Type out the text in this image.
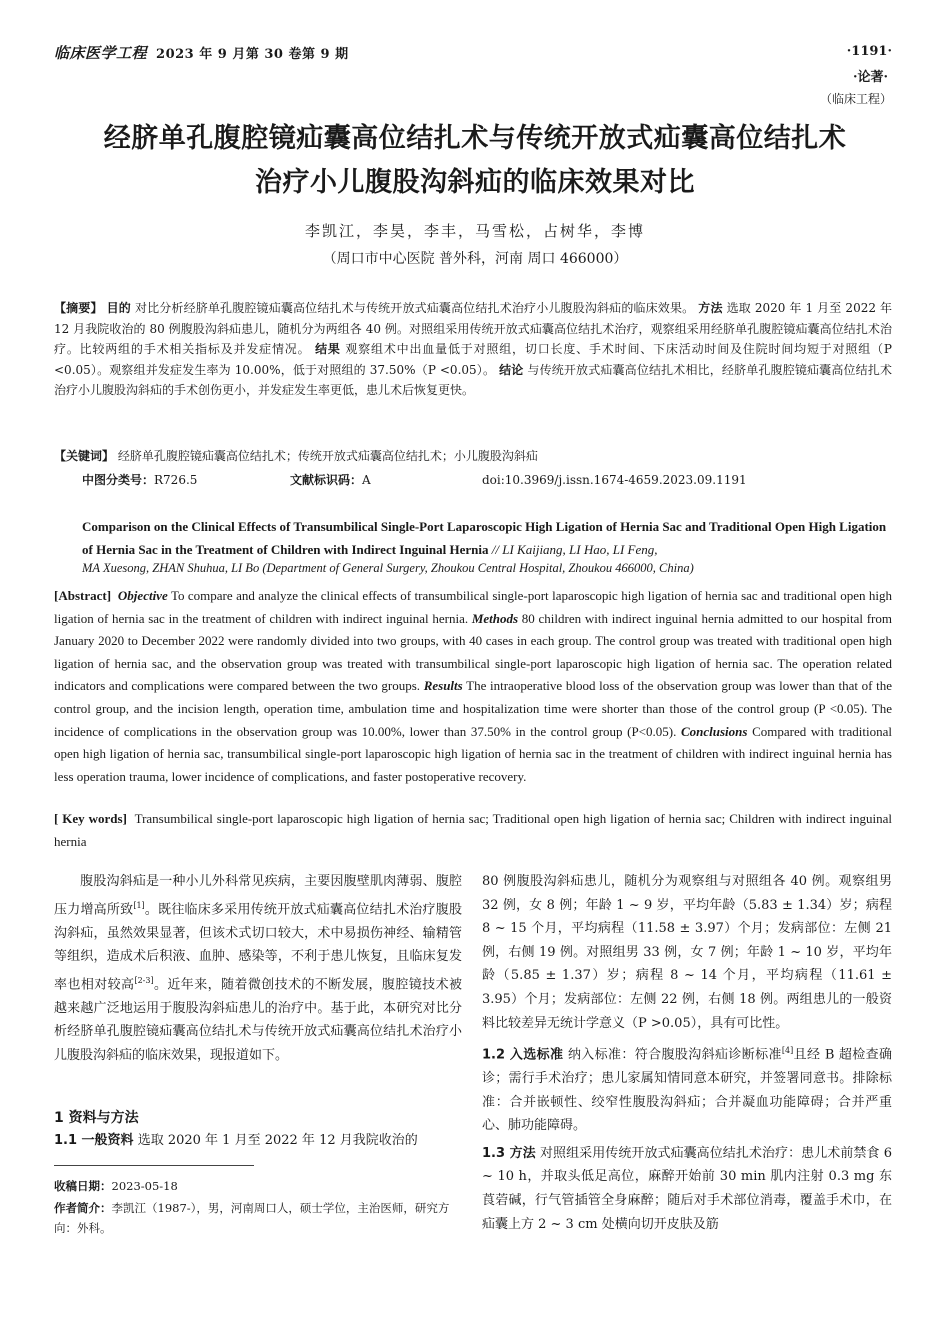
临床医学工程 2023 年 9 月第 30 卷第 9 期	·1191·
·论著·
（临床工程）
经脐单孔腹腔镜疝囊高位结扎术与传统开放式疝囊高位结扎术
治疗小儿腹股沟斜疝的临床效果对比
李凯江，李昊，李丰，马雪松，占树华，李博
（周口市中心医院 普外科，河南 周口 466000）
【摘要】 目的 对比分析经脐单孔腹腔镜疝囊高位结扎术与传统开放式疝囊高位结扎术治疗小儿腹股沟斜疝的临床效果。 方法 选取 2020 年 1 月至 2022 年 12 月我院收治的 80 例腹股沟斜疝患儿，随机分为两组各 40 例。对照组采用传统开放式疝囊高位结扎术治疗，观察组采用经脐单孔腹腔镜疝囊高位结扎术治疗。比较两组的手术相关指标及并发症情况。 结果 观察组术中出血量低于对照组，切口长度、手术时间、下床活动时间及住院时间均短于对照组（P <0.05）。观察组并发症发生率为 10.00%，低于对照组的 37.50%（P <0.05）。 结论 与传统开放式疝囊高位结扎术相比，经脐单孔腹腔镜疝囊高位结扎术治疗小儿腹股沟斜疝的手术创伤更小，并发症发生率更低，患儿术后恢复更快。
【关键词】 经脐单孔腹腔镜疝囊高位结扎术；传统开放式疝囊高位结扎术；小儿腹股沟斜疝
中图分类号：R726.5	文献标识码：A	doi:10.3969/j.issn.1674-4659.2023.09.1191
Comparison on the Clinical Effects of Transumbilical Single-Port Laparoscopic High Ligation of Hernia Sac and Traditional Open High Ligation of Hernia Sac in the Treatment of Children with Indirect Inguinal Hernia // LI Kaijiang, LI Hao, LI Feng,
MA Xuesong, ZHAN Shuhua, LI Bo (Department of General Surgery, Zhoukou Central Hospital, Zhoukou 466000, China)
[Abstract] Objective To compare and analyze the clinical effects of transumbilical single-port laparoscopic high ligation of hernia sac and traditional open high ligation of hernia sac in the treatment of children with indirect inguinal hernia. Methods 80 children with indirect inguinal hernia admitted to our hospital from January 2020 to December 2022 were randomly divided into two groups, with 40 cases in each group. The control group was treated with traditional open high ligation of hernia sac, and the observation group was treated with transumbilical single-port laparoscopic high ligation of hernia sac. The operation related indicators and complications were compared between the two groups. Results The intraoperative blood loss of the observation group was lower than that of the control group, and the incision length, operation time, ambulation time and hospitalization time were shorter than those of the control group (P <0.05). The incidence of complications in the observation group was 10.00%, lower than 37.50% in the control group (P<0.05). Conclusions Compared with traditional open high ligation of hernia sac, transumbilical single-port laparoscopic high ligation of hernia sac in the treatment of children with indirect inguinal hernia has less operation trauma, lower incidence of complications, and faster postoperative recovery.
[ Key words] Transumbilical single-port laparoscopic high ligation of hernia sac; Traditional open high ligation of hernia sac; Children with indirect inguinal hernia
  腹股沟斜疝是一种小儿外科常见疾病，主要因腹壁肌肉薄弱、腹腔压力增高所致[1]。既往临床多采用传统开放式疝囊高位结扎术治疗腹股沟斜疝，虽然效果显著，但该术式切口较大，术中易损伤神经、输精管等组织，造成术后积液、血肿、感染等，不利于患儿恢复，且临床复发率也相对较高[2-3]。近年来，随着微创技术的不断发展，腹腔镜技术被越来越广泛地运用于腹股沟斜疝患儿的治疗中。基于此，本研究对比分析经脐单孔腹腔镜疝囊高位结扎术与传统开放式疝囊高位结扎术治疗小儿腹股沟斜疝的临床效果，现报道如下。
1 资料与方法
1.1 一般资料 选取 2020 年 1 月至 2022 年 12 月我院收治的
收稿日期：2023-05-18
作者简介：李凯江（1987-），男，河南周口人，硕士学位，主治医师，研究方向：外科。
80 例腹股沟斜疝患儿，随机分为观察组与对照组各 40 例。观察组男 32 例，女 8 例；年龄 1 ~ 9 岁，平均年龄（5.83 ± 1.34）岁；病程 8 ~ 15 个月，平均病程（11.58 ± 3.97）个月；发病部位：左侧 21 例，右侧 19 例。对照组男 33 例，女 7 例；年龄 1 ~ 10 岁，平均年龄（5.85 ± 1.37）岁；病程 8 ~ 14 个月，平均病程（11.61 ± 3.95）个月；发病部位：左侧 22 例，右侧 18 例。两组患儿的一般资料比较差异无统计学意义（P >0.05），具有可比性。
1.2 入选标准 纳入标准：符合腹股沟斜疝诊断标准[4]且经 B 超检查确诊；需行手术治疗；患儿家属知情同意本研究，并签署同意书。排除标准：合并嵌顿性、绞窄性腹股沟斜疝；合并凝血功能障碍；合并严重心、肺功能障碍。
1.3 方法 对照组采用传统开放式疝囊高位结扎术治疗：患儿术前禁食 6 ~ 10 h，并取头低足高位，麻醉开始前 30 min 肌内注射 0.3 mg 东莨菪碱，行气管插管全身麻醉；随后对手术部位消毒，覆盖手术巾，在疝囊上方 2 ~ 3 cm 处横向切开皮肤及筋
